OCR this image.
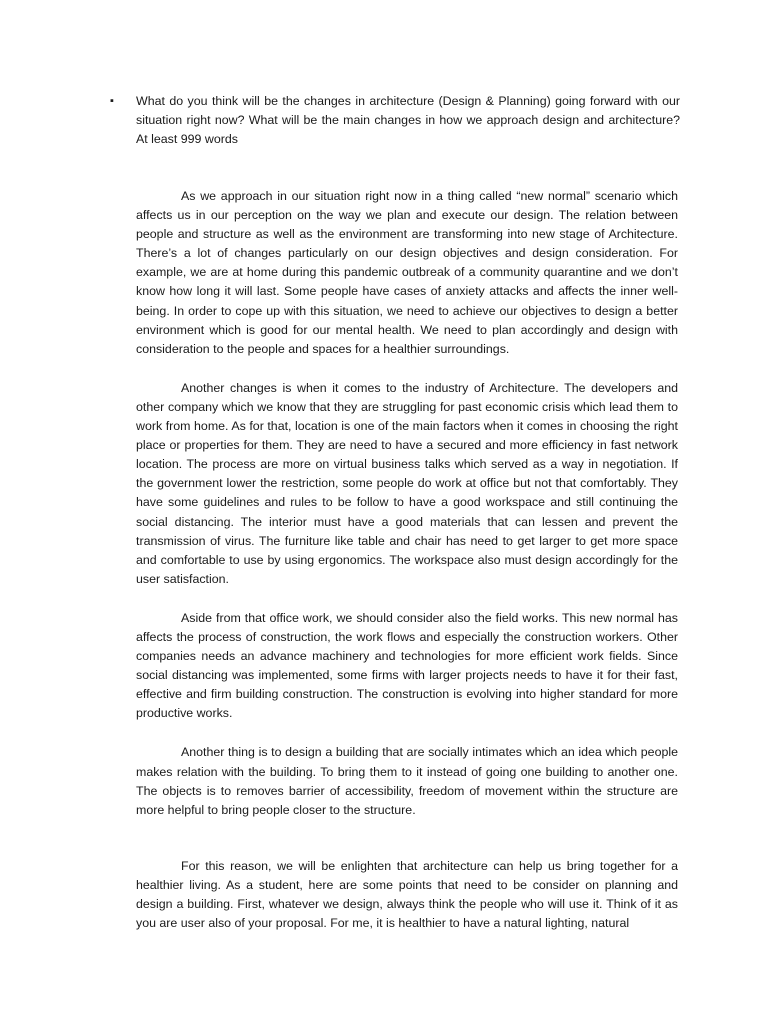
▪ What do you think will be the changes in architecture (Design & Planning) going forward with our situation right now? What will be the main changes in how we approach design and architecture? At least 999 words

As we approach in our situation right now in a thing called “new normal” scenario which affects us in our perception on the way we plan and execute our design. The relation between people and structure as well as the environment are transforming into new stage of Architecture. There’s a lot of changes particularly on our design objectives and design consideration. For example, we are at home during this pandemic outbreak of a community quarantine and we don’t know how long it will last. Some people have cases of anxiety attacks and affects the inner well-being. In order to cope up with this situation, we need to achieve our objectives to design a better environment which is good for our mental health. We need to plan accordingly and design with consideration to the people and spaces for a healthier surroundings.

Another changes is when it comes to the industry of Architecture. The developers and other company which we know that they are struggling for past economic crisis which lead them to work from home. As for that, location is one of the main factors when it comes in choosing the right place or properties for them. They are need to have a secured and more efficiency in fast network location. The process are more on virtual business talks which served as a way in negotiation. If the government lower the restriction, some people do work at office but not that comfortably. They have some guidelines and rules to be follow to have a good workspace and still continuing the social distancing. The interior must have a good materials that can lessen and prevent the transmission of virus. The furniture like table and chair has need to get larger to get more space and comfortable to use by using ergonomics. The workspace also must design accordingly for the user satisfaction.

Aside from that office work, we should consider also the field works. This new normal has affects the process of construction, the work flows and especially the construction workers. Other companies needs an advance machinery and technologies for more efficient work fields. Since social distancing was implemented, some firms with larger projects needs to have it for their fast, effective and firm building construction. The construction is evolving into higher standard for more productive works.

Another thing is to design a building that are socially intimates which an idea which people makes relation with the building. To bring them to it instead of going one building to another one. The objects is to removes barrier of accessibility, freedom of movement within the structure are more helpful to bring people closer to the structure.

For this reason, we will be enlighten that architecture can help us bring together for a healthier living. As a student, here are some points that need to be consider on planning and design a building. First, whatever we design, always think the people who will use it. Think of it as you are user also of your proposal. For me, it is healthier to have a natural lighting, natural
